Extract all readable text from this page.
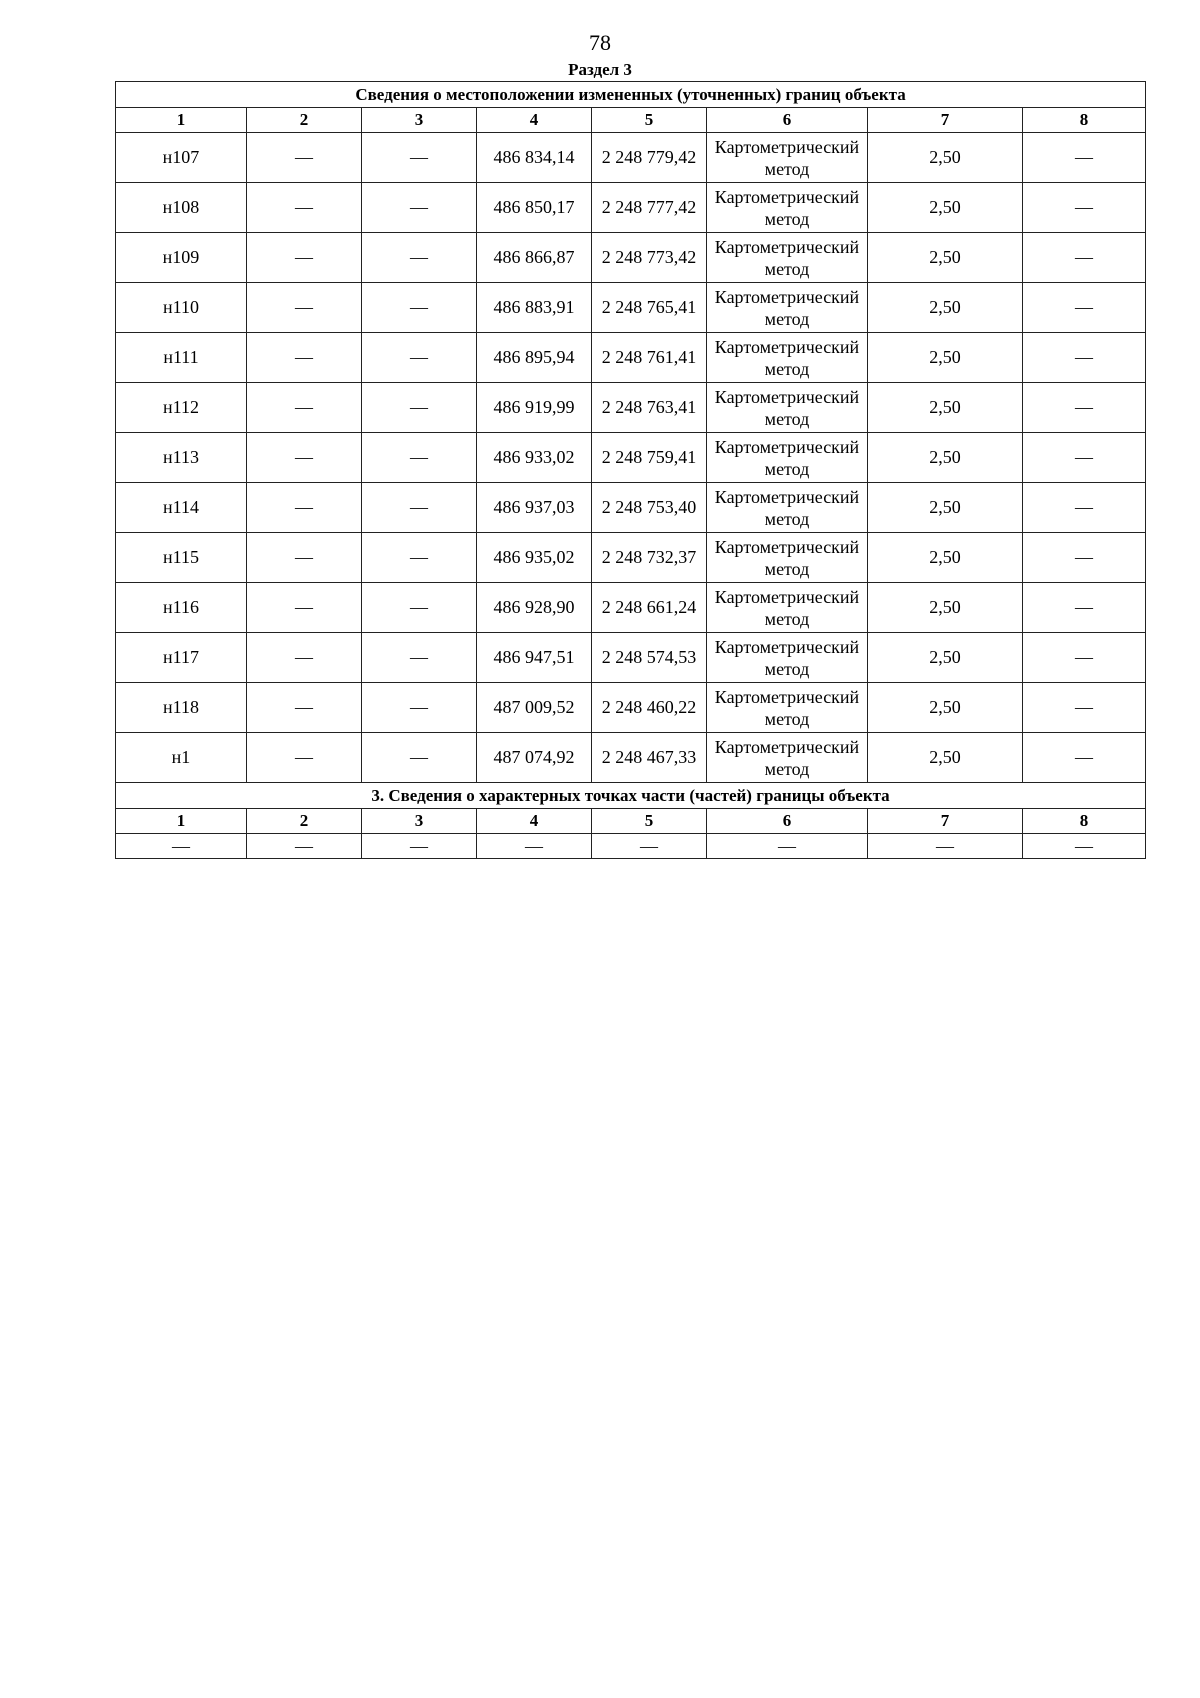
78
Раздел 3
Сведения о местоположении измененных (уточненных) границ объекта							
1	2	3	4	5	6	7	8
н107	—	—	486 834,14	2 248 779,42	Картометрический метод	2,50	—
н108	—	—	486 850,17	2 248 777,42	Картометрический метод	2,50	—
н109	—	—	486 866,87	2 248 773,42	Картометрический метод	2,50	—
н110	—	—	486 883,91	2 248 765,41	Картометрический метод	2,50	—
н111	—	—	486 895,94	2 248 761,41	Картометрический метод	2,50	—
н112	—	—	486 919,99	2 248 763,41	Картометрический метод	2,50	—
н113	—	—	486 933,02	2 248 759,41	Картометрический метод	2,50	—
н114	—	—	486 937,03	2 248 753,40	Картометрический метод	2,50	—
н115	—	—	486 935,02	2 248 732,37	Картометрический метод	2,50	—
н116	—	—	486 928,90	2 248 661,24	Картометрический метод	2,50	—
н117	—	—	486 947,51	2 248 574,53	Картометрический метод	2,50	—
н118	—	—	487 009,52	2 248 460,22	Картометрический метод	2,50	—
н1	—	—	487 074,92	2 248 467,33	Картометрический метод	2,50	—
3. Сведения о характерных точках части (частей) границы объекта							
1	2	3	4	5	6	7	8
—	—	—	—	—	—	—	—
